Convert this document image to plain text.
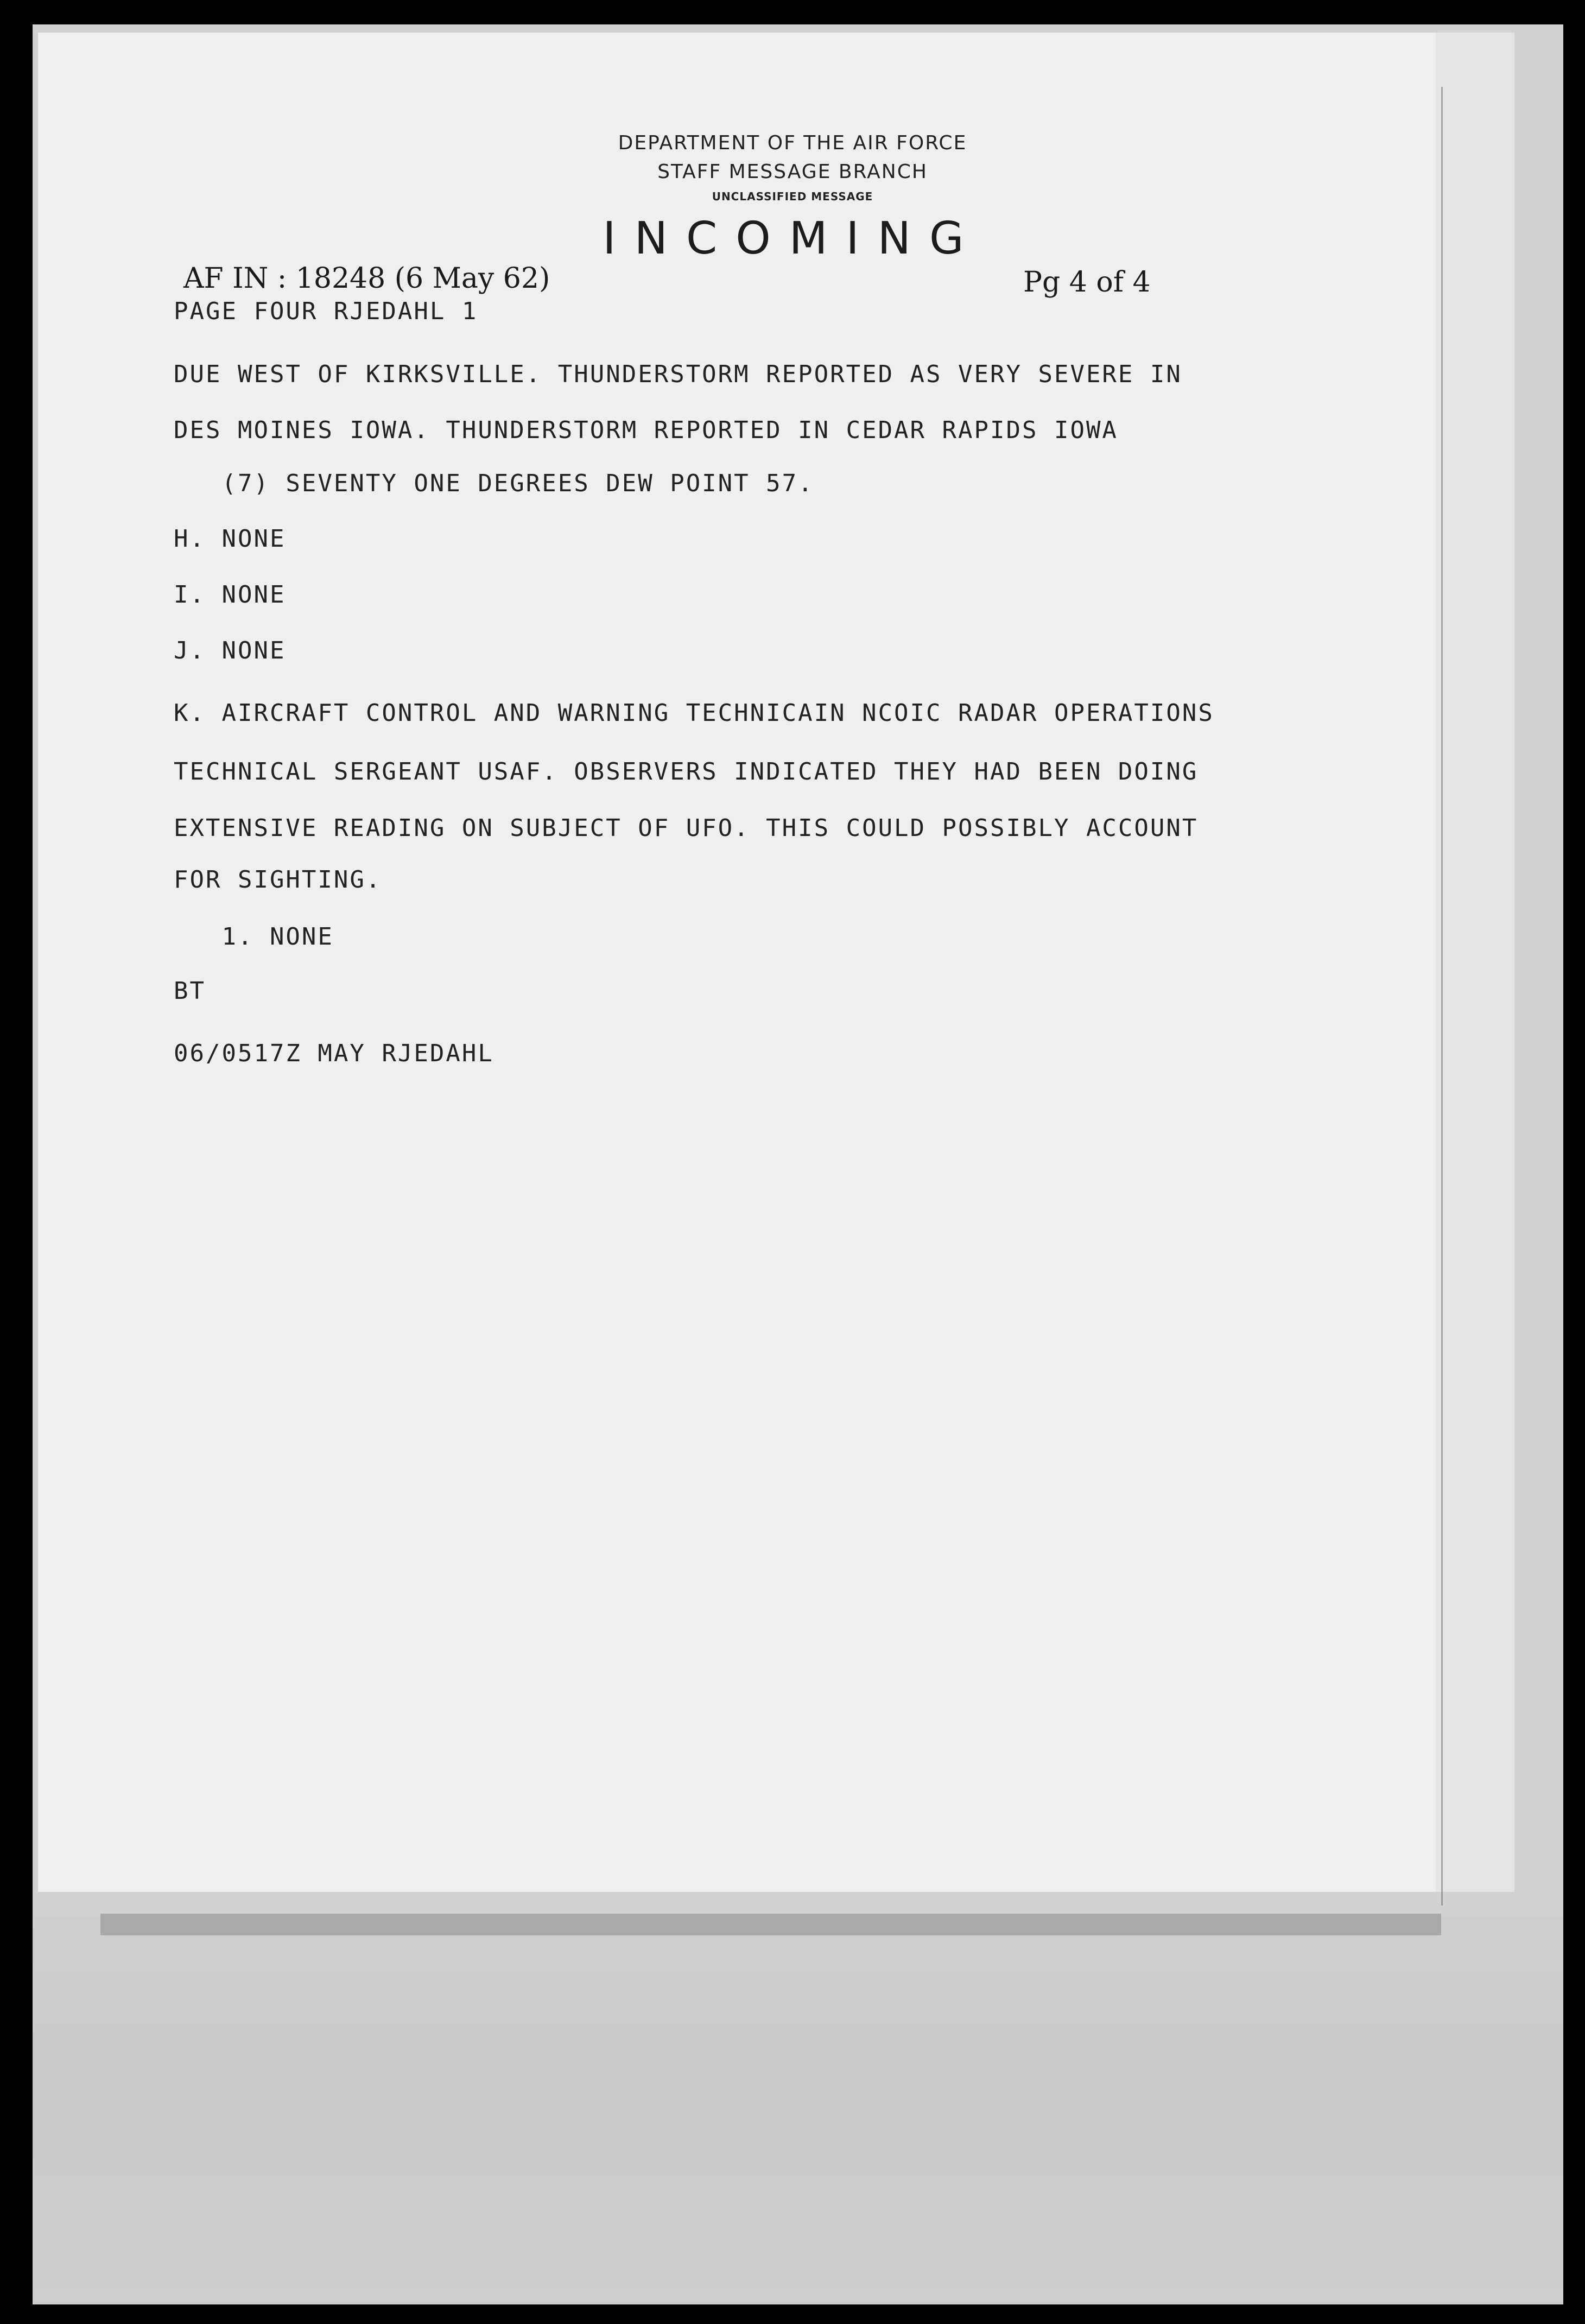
DEPARTMENT OF THE AIR FORCE
STAFF MESSAGE BRANCH
UNCLASSIFIED MESSAGE
INCOMING
AF IN : 18248 (6 May 62)	Pg 4 of 4
PAGE FOUR RJEDAHL 1
DUE WEST OF KIRKSVILLE. THUNDERSTORM REPORTED AS VERY SEVERE IN
DES MOINES IOWA. THUNDERSTORM REPORTED IN CEDAR RAPIDS IOWA
(7) SEVENTY ONE DEGREES DEW POINT 57.
H. NONE
I. NONE
J. NONE
K. AIRCRAFT CONTROL AND WARNING TECHNICAIN NCOIC RADAR OPERATIONS
TECHNICAL SERGEANT USAF. OBSERVERS INDICATED THEY HAD BEEN DOING
EXTENSIVE READING ON SUBJECT OF UFO. THIS COULD POSSIBLY ACCOUNT
FOR SIGHTING.
1. NONE
BT
06/0517Z MAY RJEDAHL
